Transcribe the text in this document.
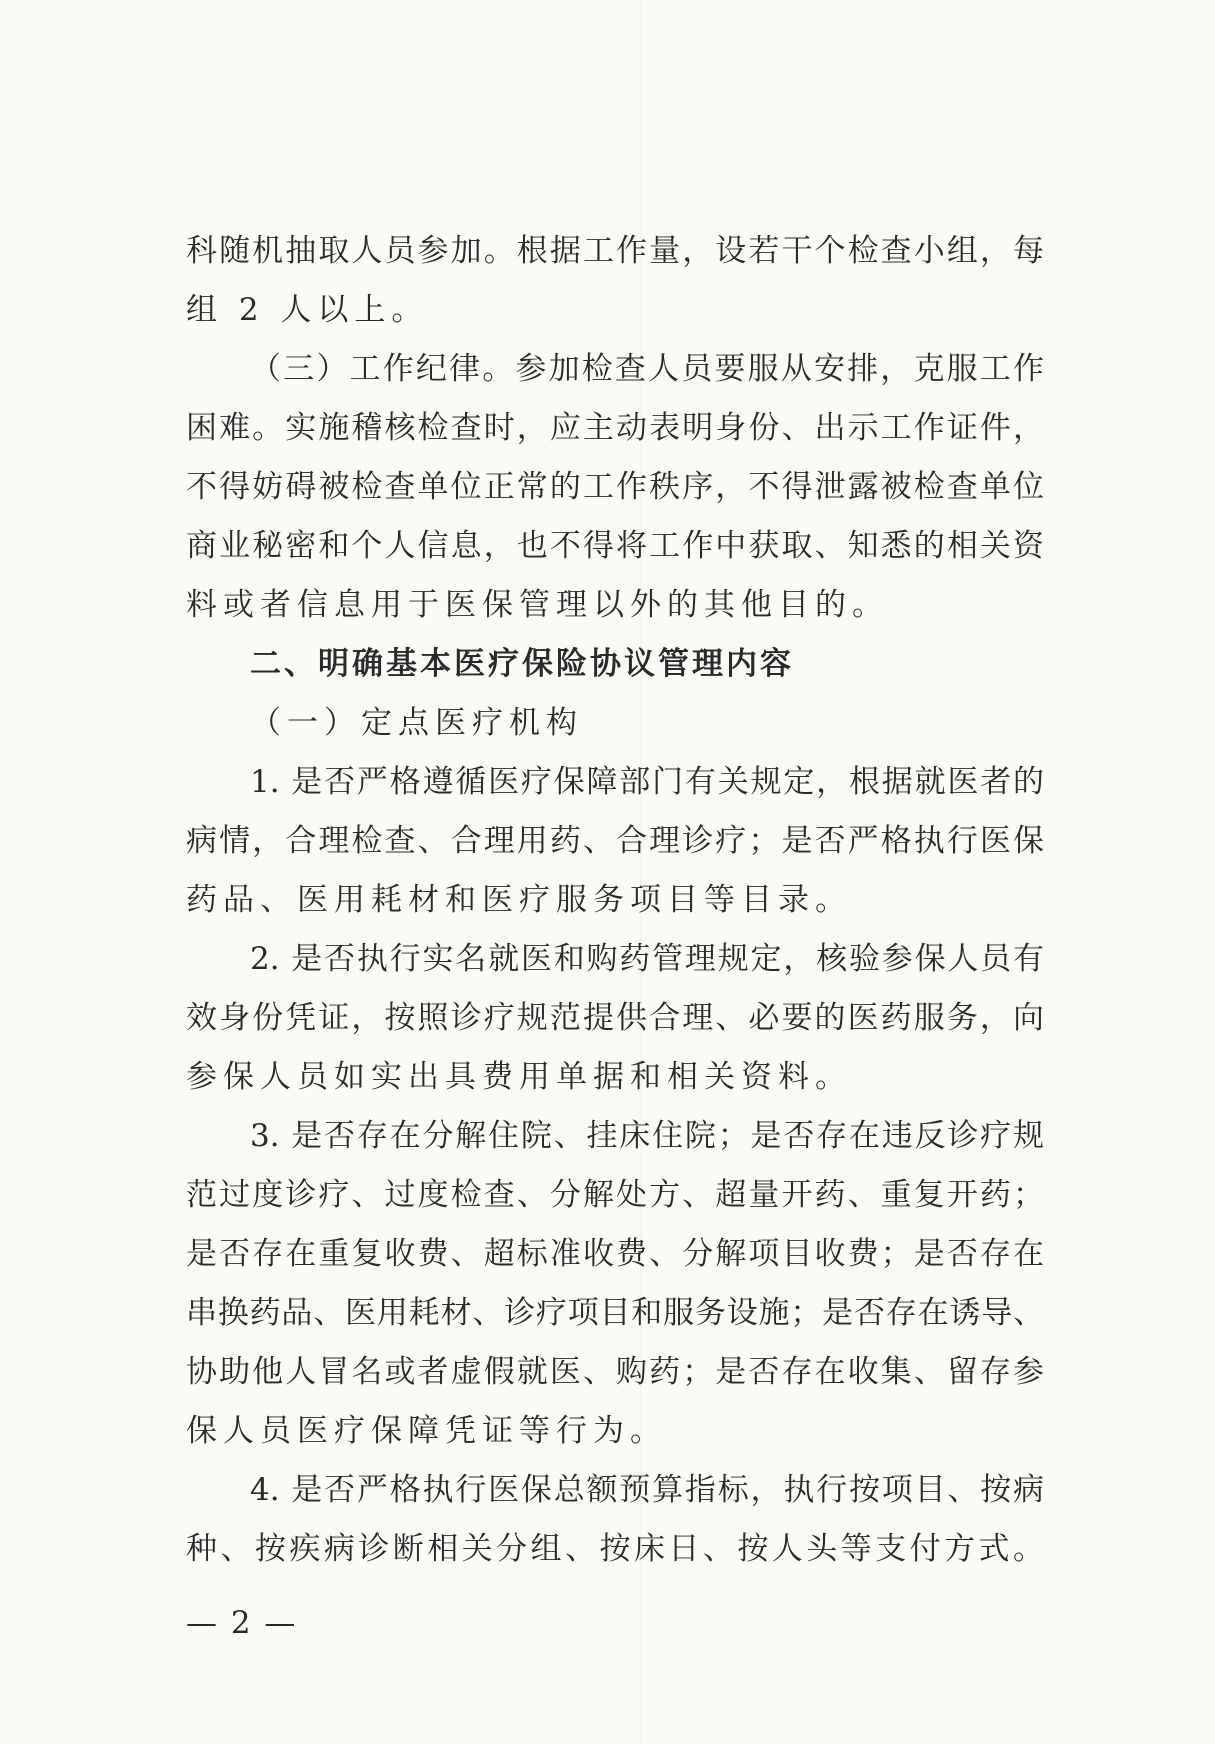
科随机抽取人员参加。根据工作量，设若干个检查小组，每
组 2 人以上。
（三）工作纪律。参加检查人员要服从安排，克服工作
困难。实施稽核检查时，应主动表明身份、出示工作证件，
不得妨碍被检查单位正常的工作秩序，不得泄露被检查单位
商业秘密和个人信息，也不得将工作中获取、知悉的相关资
料或者信息用于医保管理以外的其他目的。
二、明确基本医疗保险协议管理内容
（一）定点医疗机构
1. 是否严格遵循医疗保障部门有关规定，根据就医者的
病情，合理检查、合理用药、合理诊疗；是否严格执行医保
药品、医用耗材和医疗服务项目等目录。
2. 是否执行实名就医和购药管理规定，核验参保人员有
效身份凭证，按照诊疗规范提供合理、必要的医药服务，向
参保人员如实出具费用单据和相关资料。
3. 是否存在分解住院、挂床住院；是否存在违反诊疗规
范过度诊疗、过度检查、分解处方、超量开药、重复开药；
是否存在重复收费、超标准收费、分解项目收费；是否存在
串换药品、医用耗材、诊疗项目和服务设施；是否存在诱导、
协助他人冒名或者虚假就医、购药；是否存在收集、留存参
保人员医疗保障凭证等行为。
4. 是否严格执行医保总额预算指标，执行按项目、按病
种、按疾病诊断相关分组、按床日、按人头等支付方式。
— 2 —
